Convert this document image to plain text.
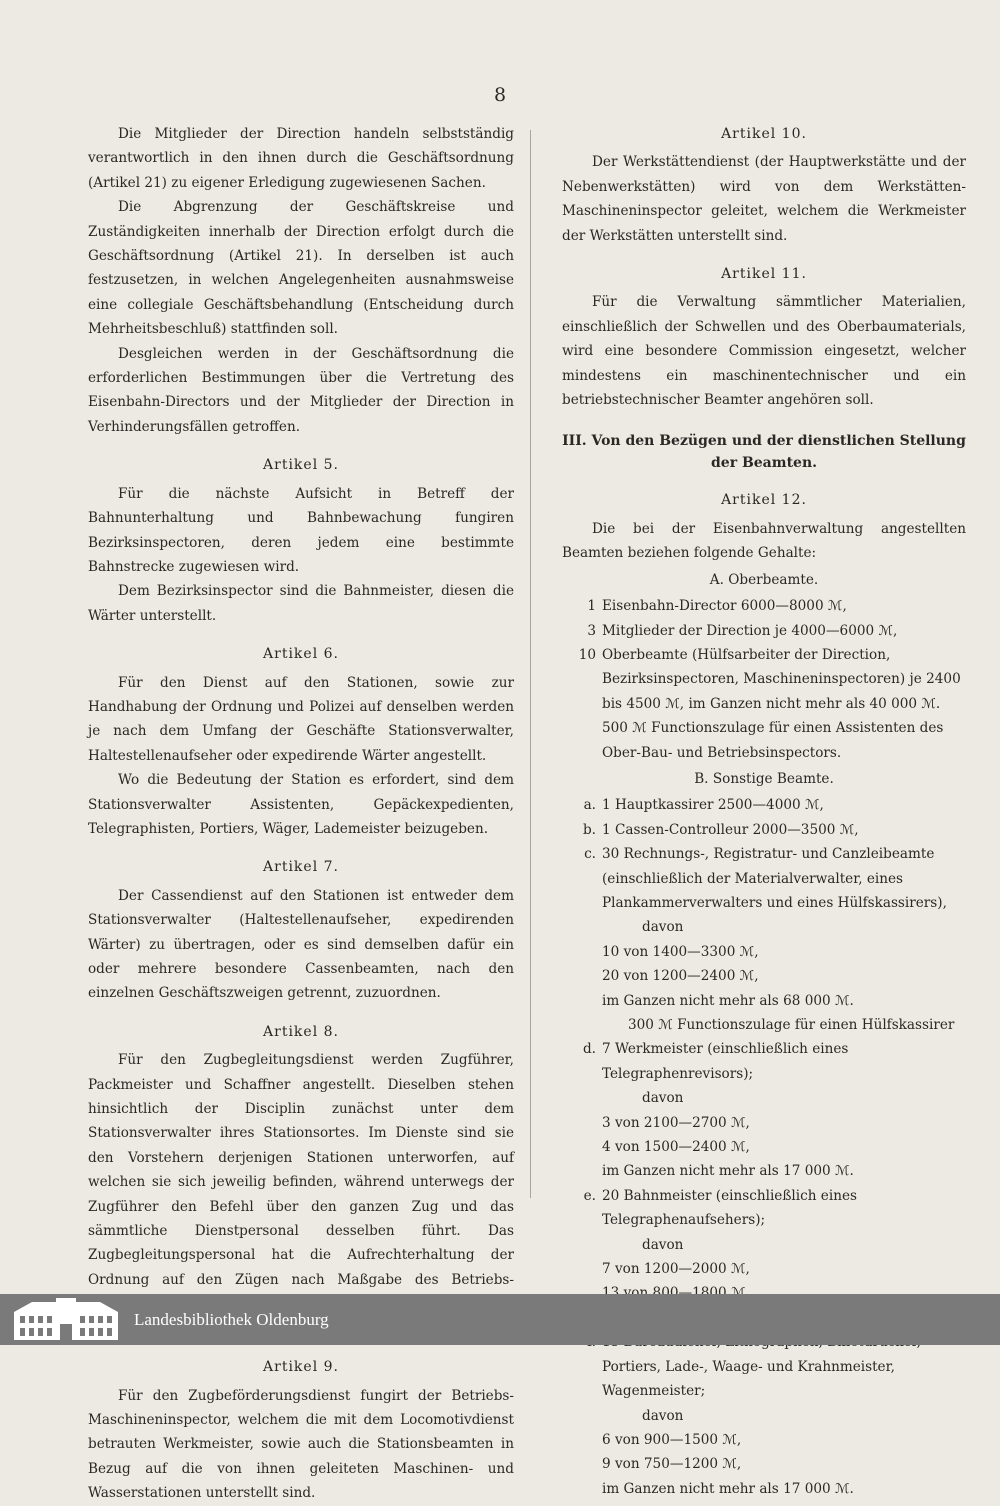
8

Die Mitglieder der Direction handeln selbstständig verantwortlich in den ihnen durch die Geschäftsordnung (Artikel 21) zu eigener Erledigung zugewiesenen Sachen.

Die Abgrenzung der Geschäftskreise und Zuständigkeiten innerhalb der Direction erfolgt durch die Geschäftsordnung (Artikel 21). In derselben ist auch festzusetzen, in welchen Angelegenheiten ausnahmsweise eine collegiale Geschäftsbehandlung (Entscheidung durch Mehrheitsbeschluß) stattfinden soll.

Desgleichen werden in der Geschäftsordnung die erforderlichen Bestimmungen über die Vertretung des Eisenbahn-Directors und der Mitglieder der Direction in Verhinderungsfällen getroffen.

Artikel 5.

Für die nächste Aufsicht in Betreff der Bahnunterhaltung und Bahnbewachung fungiren Bezirksinspectoren, deren jedem eine bestimmte Bahnstrecke zugewiesen wird.

Dem Bezirksinspector sind die Bahnmeister, diesen die Wärter unterstellt.

Artikel 6.

Für den Dienst auf den Stationen, sowie zur Handhabung der Ordnung und Polizei auf denselben werden je nach dem Umfang der Geschäfte Stationsverwalter, Haltestellenaufseher oder expedirende Wärter angestellt.

Wo die Bedeutung der Station es erfordert, sind dem Stationsverwalter Assistenten, Gepäckexpedienten, Telegraphisten, Portiers, Wäger, Lademeister beizugeben.

Artikel 7.

Der Cassendienst auf den Stationen ist entweder dem Stationsverwalter (Haltestellenaufseher, expedirenden Wärter) zu übertragen, oder es sind demselben dafür ein oder mehrere besondere Cassenbeamten, nach den einzelnen Geschäftszweigen getrennt, zuzuordnen.

Artikel 8.

Für den Zugbegleitungsdienst werden Zugführer, Packmeister und Schaffner angestellt. Dieselben stehen hinsichtlich der Disciplin zunächst unter dem Stationsverwalter ihres Stationsortes. Im Dienste sind sie den Vorstehern derjenigen Stationen unterworfen, auf welchen sie sich jeweilig befinden, während unterwegs der Zugführer den Befehl über den ganzen Zug und das sämmtliche Dienstpersonal desselben führt. Das Zugbegleitungspersonal hat die Aufrechterhaltung der Ordnung auf den Zügen nach Maßgabe des Betriebs-

Artikel 9.

Für den Zugbeförderungsdienst fungirt der Betriebs-Maschineninspector, welchem die mit dem Locomotivdienst betrauten Werkmeister, sowie auch die Stationsbeamten in Bezug auf die von ihnen geleiteten Maschinen- und Wasserstationen unterstellt sind.

Artikel 10.

Der Werkstättendienst (der Hauptwerkstätte und der Nebenwerkstätten) wird von dem Werkstätten-Maschineninspector geleitet, welchem die Werkmeister der Werkstätten unterstellt sind.

Artikel 11.

Für die Verwaltung sämmtlicher Materialien, einschließlich der Schwellen und des Oberbaumaterials, wird eine besondere Commission eingesetzt, welcher mindestens ein maschinentechnischer und ein betriebstechnischer Beamter angehören soll.

III. Von den Bezügen und der dienstlichen Stellung der Beamten.
Artikel 12.

Die bei der Eisenbahnverwaltung angestellten Beamten beziehen folgende Gehalte:

A. Oberbeamte.
1 Eisenbahn-Director 6000—8000 ℳ,
3 Mitglieder der Direction je 4000—6000 ℳ,
10 Oberbeamte (Hülfsarbeiter der Direction, Bezirksinspectoren, Maschineninspectoren) je 2400 bis 4500 ℳ, im Ganzen nicht mehr als 40 000 ℳ.
500 ℳ Functionszulage für einen Assistenten des Ober-Bau- und Betriebsinspectors.
B. Sonstige Beamte.
a. 1 Hauptkassirer 2500—4000 ℳ,
b. 1 Cassen-Controlleur 2000—3500 ℳ,
c. 30 Rechnungs-, Registratur- und Canzleibeamte (einschließlich der Materialverwalter, eines Plankammerverwalters und eines Hülfskassirers),
davon
10 von 1400—3300 ℳ,
20 von 1200—2400 ℳ,
im Ganzen nicht mehr als 68 000 ℳ.
300 ℳ Functionszulage für einen Hülfskassirer
d. 7 Werkmeister (einschließlich eines Telegraphenrevisors);
davon
3 von 2100—2700 ℳ,
4 von 1500—2400 ℳ,
im Ganzen nicht mehr als 17 000 ℳ.
e. 20 Bahnmeister (einschließlich eines Telegraphenaufsehers);
davon
7 von 1200—2000 ℳ,
Portiers, Lade-, Waage- und Krahnmeister, Wagenmeister;
davon
6 von 900—1500 ℳ,
9 von 750—1200 ℳ,
im Ganzen nicht mehr als 17 000 ℳ.
Landesbibliothek Oldenburg
